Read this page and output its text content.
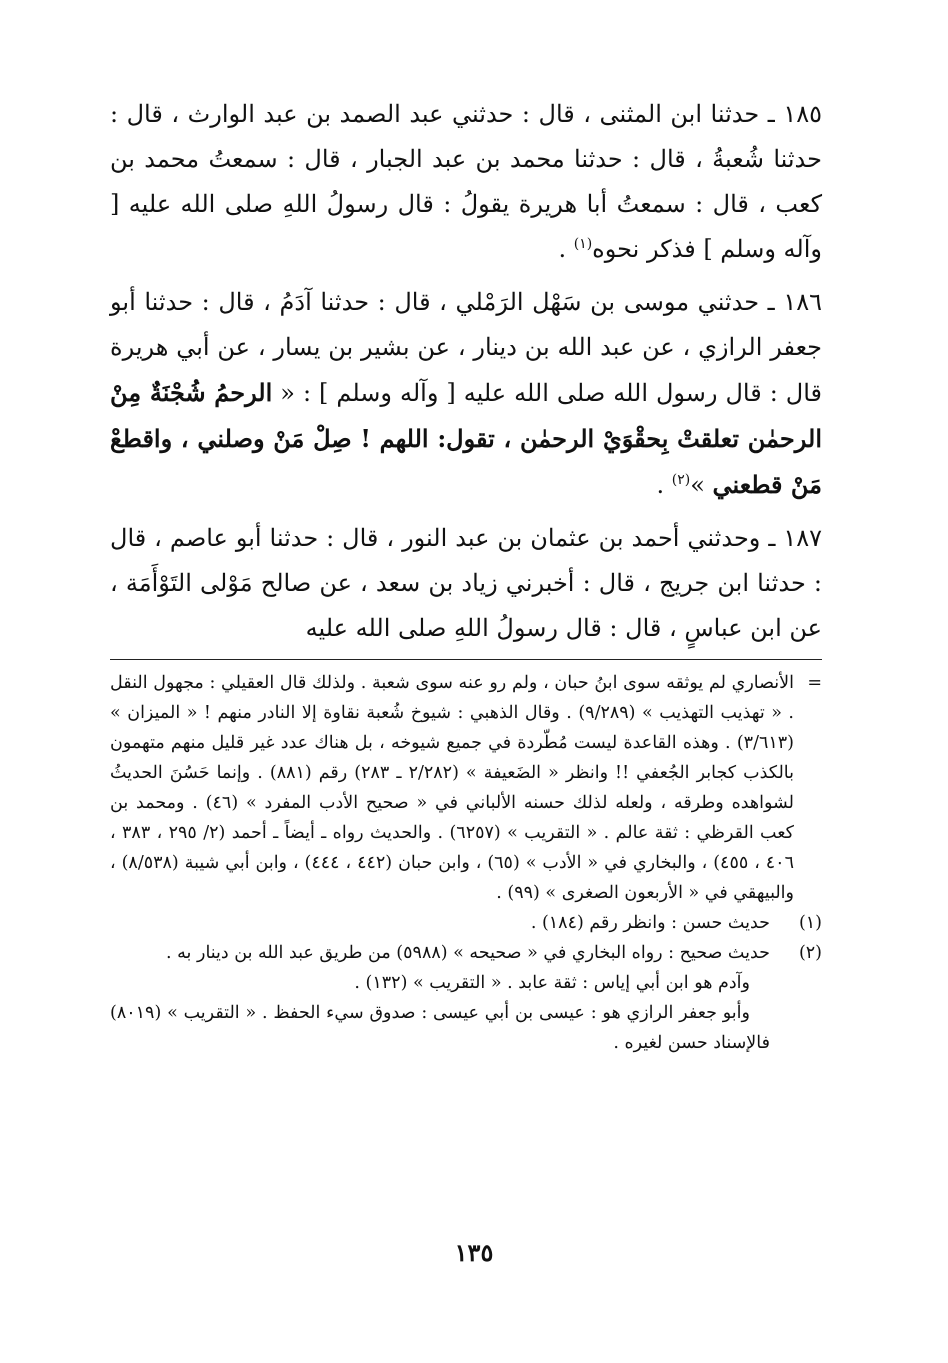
١٨٥ ـ حدثنا ابن المثنى ، قال : حدثني عبد الصمد بن عبد الوارث ، قال : حدثنا شُعبةُ ، قال : حدثنا محمد بن عبد الجبار ، قال : سمعتُ محمد بن كعب ، قال : سمعتُ أبا هريرة يقولُ : قال رسولُ اللهِ صلى الله عليه [ وآله وسلم ] فذكر نحوه$^{(١)}$ .

١٨٦ ـ حدثني موسى بن سَهْل الرَمْلي ، قال : حدثنا آدَمُ ، قال : حدثنا أبو جعفر الرازي ، عن عبد الله بن دينار ، عن بشير بن يسار ، عن أبي هريرة قال : قال رسول الله صلى الله عليه [ وآله وسلم ] : « الرحمُ شُجْنَةٌ مِنْ الرحمٰن تعلقتْ بِحقْوَيْ الرحمٰن ، تقول: اللهم ! صِلْ مَنْ وصلني ، واقطعْ مَنْ قطعني »$^{(٢)}$ .

١٨٧ ـ وحدثني أحمد بن عثمان بن عبد النور ، قال : حدثنا أبو عاصم ، قال : حدثنا ابن جريج ، قال : أخبرني زياد بن سعد ، عن صالح مَوْلى التَوْأَمَة ، عن ابن عباسٍ ، قال : قال رسولُ اللهِ صلى الله عليه

=
الأنصاري لم يوثقه سوى ابنُ حبان ، ولم رو عنه سوى شعبة . ولذلك قال العقيلي : مجهول النقل . « تهذيب التهذيب » (٩/٢٨٩) . وقال الذهبي : شيوخ شُعبة نقاوة إلا النادر منهم ! « الميزان » (٣/٦١٣) . وهذه القاعدة ليست مُطّردة في جميع شيوخه ، بل هناك عدد غير قليل منهم متهمون بالكذب كجابر الجُعفي !! وانظر « الضَعيفة » (٢/٢٨٢ ـ ٢٨٣) رقم (٨٨١) . وإنما حَسُنَ الحديثُ لشواهده وطرقه ، ولعله لذلك حسنه الألباني في « صحيح الأدب المفرد » (٤٦) . ومحمد بن كعب القرظي : ثقة عالم . « التقريب » (٦٢٥٧) . والحديث رواه ـ أيضاً ـ أحمد (٢/ ٢٩٥ ، ٣٨٣ ، ٤٠٦ ، ٤٥٥) ، والبخاري في « الأدب » (٦٥) ، وابن حبان (٤٤٢ ، ٤٤٤) ، وابن أبي شيبة (٨/٥٣٨) ، والبيهقي في « الأربعون الصغرى » (٩٩) .

(١)
حديث حسن : وانظر رقم (١٨٤) .

(٢)
حديث صحيح : رواه البخاري في « صحيحه » (٥٩٨٨) من طريق عبد الله بن دينار به .

وآدم هو ابن أبي إياس : ثقة عابد . « التقريب » (١٣٢) .

وأبو جعفر الرازي هو : عيسى بن أبي عيسى : صدوق سيء الحفظ . « التقريب » (٨٠١٩) فالإسناد حسن لغيره .

١٣٥
